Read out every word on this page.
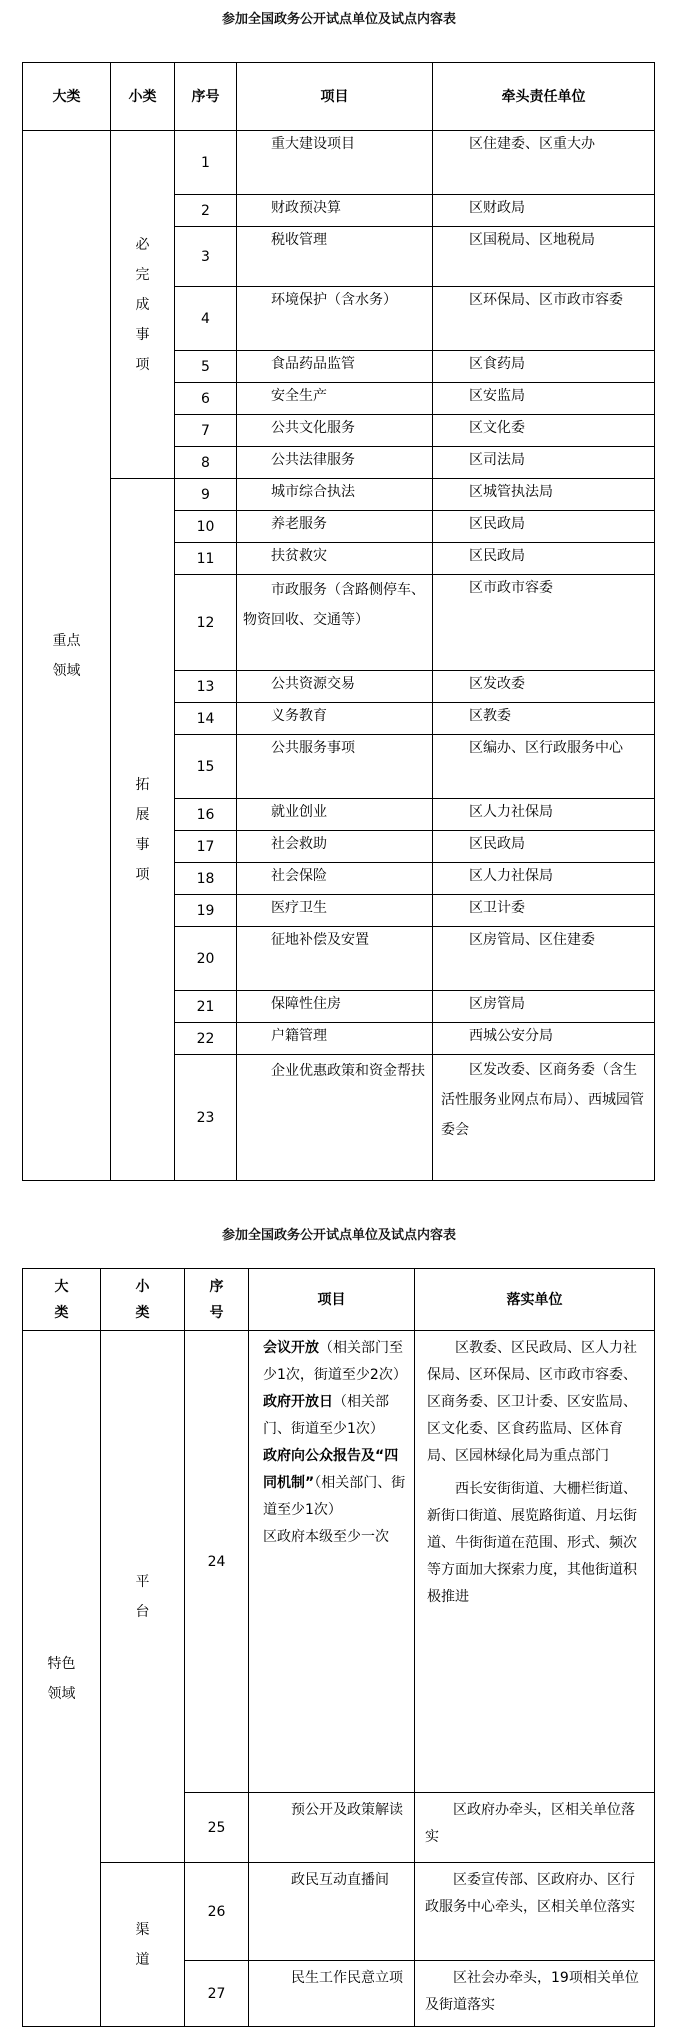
参加全国政务公开试点单位及试点内容表
大类	小类	序号	项目	牵头责任单位
重点领域	必完成事项	1	重大建设项目	区住建委、区重大办
		2	财政预决算	区财政局
		3	税收管理	区国税局、区地税局
		4	环境保护（含水务）	区环保局、区市政市容委
		5	食品药品监管	区食药局
		6	安全生产	区安监局
		7	公共文化服务	区文化委
		8	公共法律服务	区司法局
	拓展事项	9	城市综合执法	区城管执法局
		10	养老服务	区民政局
		11	扶贫救灾	区民政局
		12	市政服务（含路侧停车、物资回收、交通等）	区市政市容委
		13	公共资源交易	区发改委
		14	义务教育	区教委
		15	公共服务事项	区编办、区行政服务中心
		16	就业创业	区人力社保局
		17	社会救助	区民政局
		18	社会保险	区人力社保局
		19	医疗卫生	区卫计委
		20	征地补偿及安置	区房管局、区住建委
		21	保障性住房	区房管局
		22	户籍管理	西城公安分局
		23	企业优惠政策和资金帮扶	区发改委、区商务委（含生活性服务业网点布局）、西城园管委会
参加全国政务公开试点单位及试点内容表
大类	小类	序号	项目	落实单位
特色领域	平台	24	会议开放（相关部门至少1次，街道至少2次）
政府开放日（相关部门、街道至少1次）
政府向公众报告及“四同机制”（相关部门、街道至少1次）
区政府本级至少一次	区教委、区民政局、区人力社保局、区环保局、区市政市容委、区商务委、区卫计委、区安监局、区文化委、区食药监局、区体育局、区园林绿化局为重点部门
西长安街街道、大栅栏街道、新街口街道、展览路街道、月坛街道、牛街街道在范围、形式、频次等方面加大探索力度，其他街道积极推进

		25	预公开及政策解读	区政府办牵头，区相关单位落实
	渠道	26	政民互动直播间	区委宣传部、区政府办、区行政服务中心牵头，区相关单位落实
		27	民生工作民意立项	区社会办牵头，19项相关单位及街道落实
